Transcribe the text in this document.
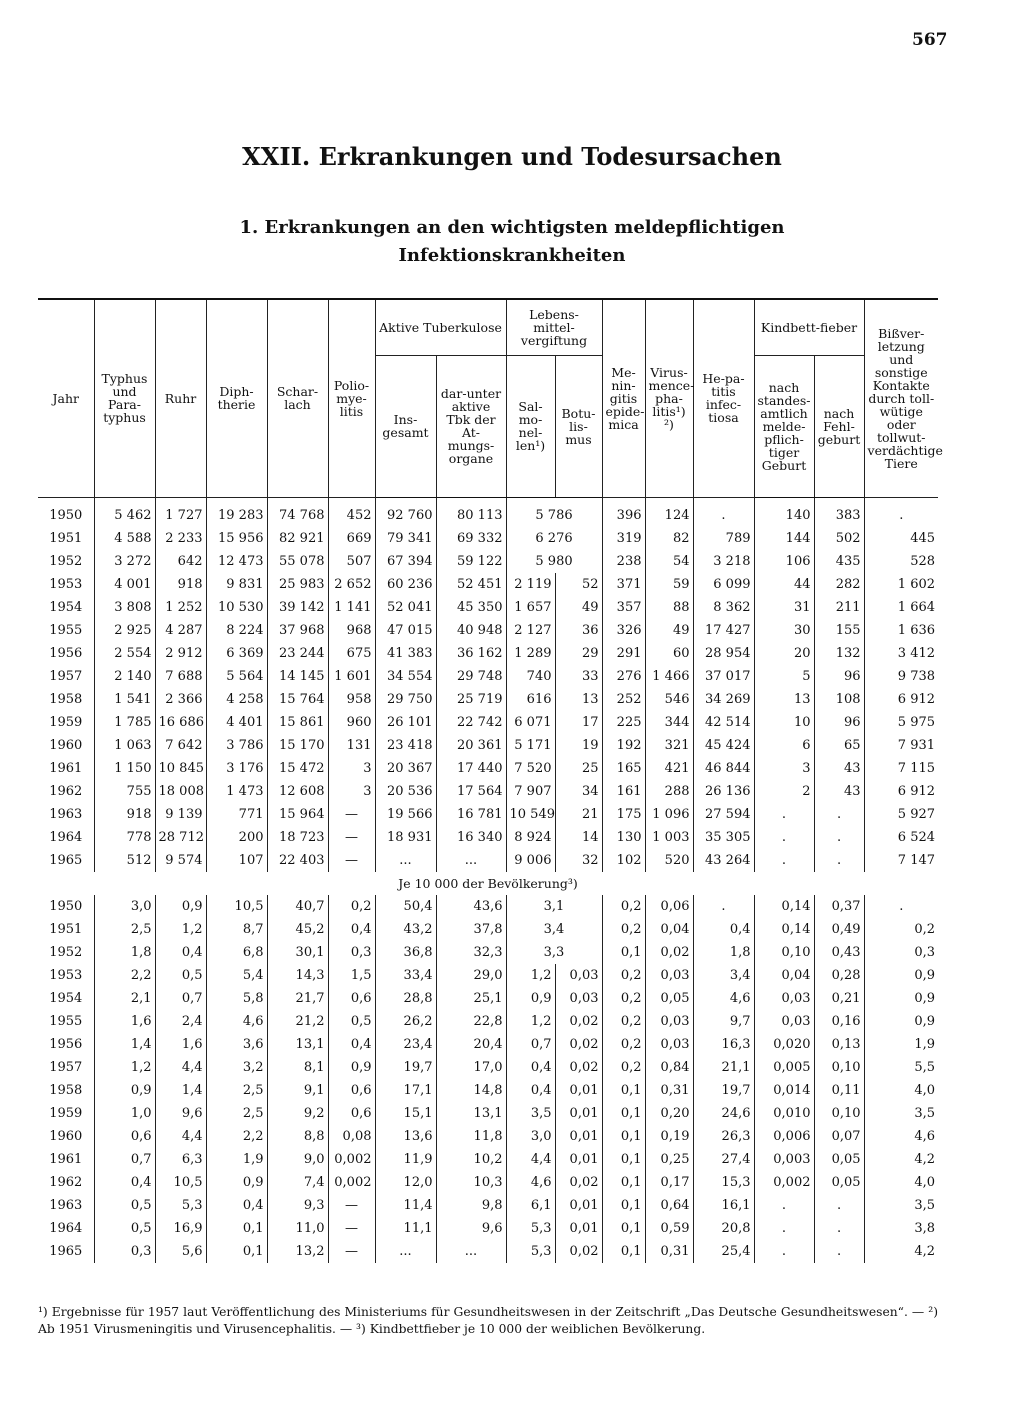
567
XXII. Erkrankungen und Todesursachen
1. Erkrankungen an den wichtigsten meldepflichtigen
Infektionskrankheiten
Jahr	Typhus und Para-typhus	Ruhr	Diph-therie	Schar-lach	Polio-mye-litis	Aktive Tuberkulose		Lebens-mittel-vergiftung		Me-nin-gitis epide-mica	Virus-mence-pha-litis¹) ²)	He-pa-titis infec-tiosa	Kindbett-fieber		Bißver-letzung und sonstige Kontakte durch toll-wütige oder tollwut-verdächtige Tiere
						Ins-gesamt	dar-unter aktive Tbk der At-mungs-organe	Sal-mo-nel-len¹)	Botu-lis-mus				nach standes-amtlich melde-pflich-tiger Geburt	nach Fehl-geburt	
1950	5 462	1 727	19 283	74 768	452	92 760	80 113	5 786		396	124	.	140	383	.
1951	4 588	2 233	15 956	82 921	669	79 341	69 332	6 276		319	82	789	144	502	445
1952	3 272	642	12 473	55 078	507	67 394	59 122	5 980		238	54	3 218	106	435	528
1953	4 001	918	9 831	25 983	2 652	60 236	52 451	2 119	52	371	59	6 099	44	282	1 602
1954	3 808	1 252	10 530	39 142	1 141	52 041	45 350	1 657	49	357	88	8 362	31	211	1 664
1955	2 925	4 287	8 224	37 968	968	47 015	40 948	2 127	36	326	49	17 427	30	155	1 636
1956	2 554	2 912	6 369	23 244	675	41 383	36 162	1 289	29	291	60	28 954	20	132	3 412
1957	2 140	7 688	5 564	14 145	1 601	34 554	29 748	740	33	276	1 466	37 017	5	96	9 738
1958	1 541	2 366	4 258	15 764	958	29 750	25 719	616	13	252	546	34 269	13	108	6 912
1959	1 785	16 686	4 401	15 861	960	26 101	22 742	6 071	17	225	344	42 514	10	96	5 975
1960	1 063	7 642	3 786	15 170	131	23 418	20 361	5 171	19	192	321	45 424	6	65	7 931
1961	1 150	10 845	3 176	15 472	3	20 367	17 440	7 520	25	165	421	46 844	3	43	7 115
1962	755	18 008	1 473	12 608	3	20 536	17 564	7 907	34	161	288	26 136	2	43	6 912
1963	918	9 139	771	15 964	—	19 566	16 781	10 549	21	175	1 096	27 594	.	.	5 927
1964	778	28 712	200	18 723	—	18 931	16 340	8 924	14	130	1 003	35 305	.	.	6 524
1965	512	9 574	107	22 403	—	...	...	9 006	32	102	520	43 264	.	.	7 147
Je 10 000 der Bevölkerung³)															
1950	3,0	0,9	10,5	40,7	0,2	50,4	43,6	3,1		0,2	0,06	.	0,14	0,37	.
1951	2,5	1,2	8,7	45,2	0,4	43,2	37,8	3,4		0,2	0,04	0,4	0,14	0,49	0,2
1952	1,8	0,4	6,8	30,1	0,3	36,8	32,3	3,3		0,1	0,02	1,8	0,10	0,43	0,3
1953	2,2	0,5	5,4	14,3	1,5	33,4	29,0	1,2	0,03	0,2	0,03	3,4	0,04	0,28	0,9
1954	2,1	0,7	5,8	21,7	0,6	28,8	25,1	0,9	0,03	0,2	0,05	4,6	0,03	0,21	0,9
1955	1,6	2,4	4,6	21,2	0,5	26,2	22,8	1,2	0,02	0,2	0,03	9,7	0,03	0,16	0,9
1956	1,4	1,6	3,6	13,1	0,4	23,4	20,4	0,7	0,02	0,2	0,03	16,3	0,020	0,13	1,9
1957	1,2	4,4	3,2	8,1	0,9	19,7	17,0	0,4	0,02	0,2	0,84	21,1	0,005	0,10	5,5
1958	0,9	1,4	2,5	9,1	0,6	17,1	14,8	0,4	0,01	0,1	0,31	19,7	0,014	0,11	4,0
1959	1,0	9,6	2,5	9,2	0,6	15,1	13,1	3,5	0,01	0,1	0,20	24,6	0,010	0,10	3,5
1960	0,6	4,4	2,2	8,8	0,08	13,6	11,8	3,0	0,01	0,1	0,19	26,3	0,006	0,07	4,6
1961	0,7	6,3	1,9	9,0	0,002	11,9	10,2	4,4	0,01	0,1	0,25	27,4	0,003	0,05	4,2
1962	0,4	10,5	0,9	7,4	0,002	12,0	10,3	4,6	0,02	0,1	0,17	15,3	0,002	0,05	4,0
1963	0,5	5,3	0,4	9,3	—	11,4	9,8	6,1	0,01	0,1	0,64	16,1	.	.	3,5
1964	0,5	16,9	0,1	11,0	—	11,1	9,6	5,3	0,01	0,1	0,59	20,8	.	.	3,8
1965	0,3	5,6	0,1	13,2	—	...	...	5,3	0,02	0,1	0,31	25,4	.	.	4,2
¹) Ergebnisse für 1957 laut Veröffentlichung des Ministeriums für Gesundheitswesen in der Zeitschrift „Das Deutsche Gesundheitswesen“. — ²) Ab 1951 Virusmeningitis und Virusencephalitis. — ³) Kindbettfieber je 10 000 der weiblichen Bevölkerung.
